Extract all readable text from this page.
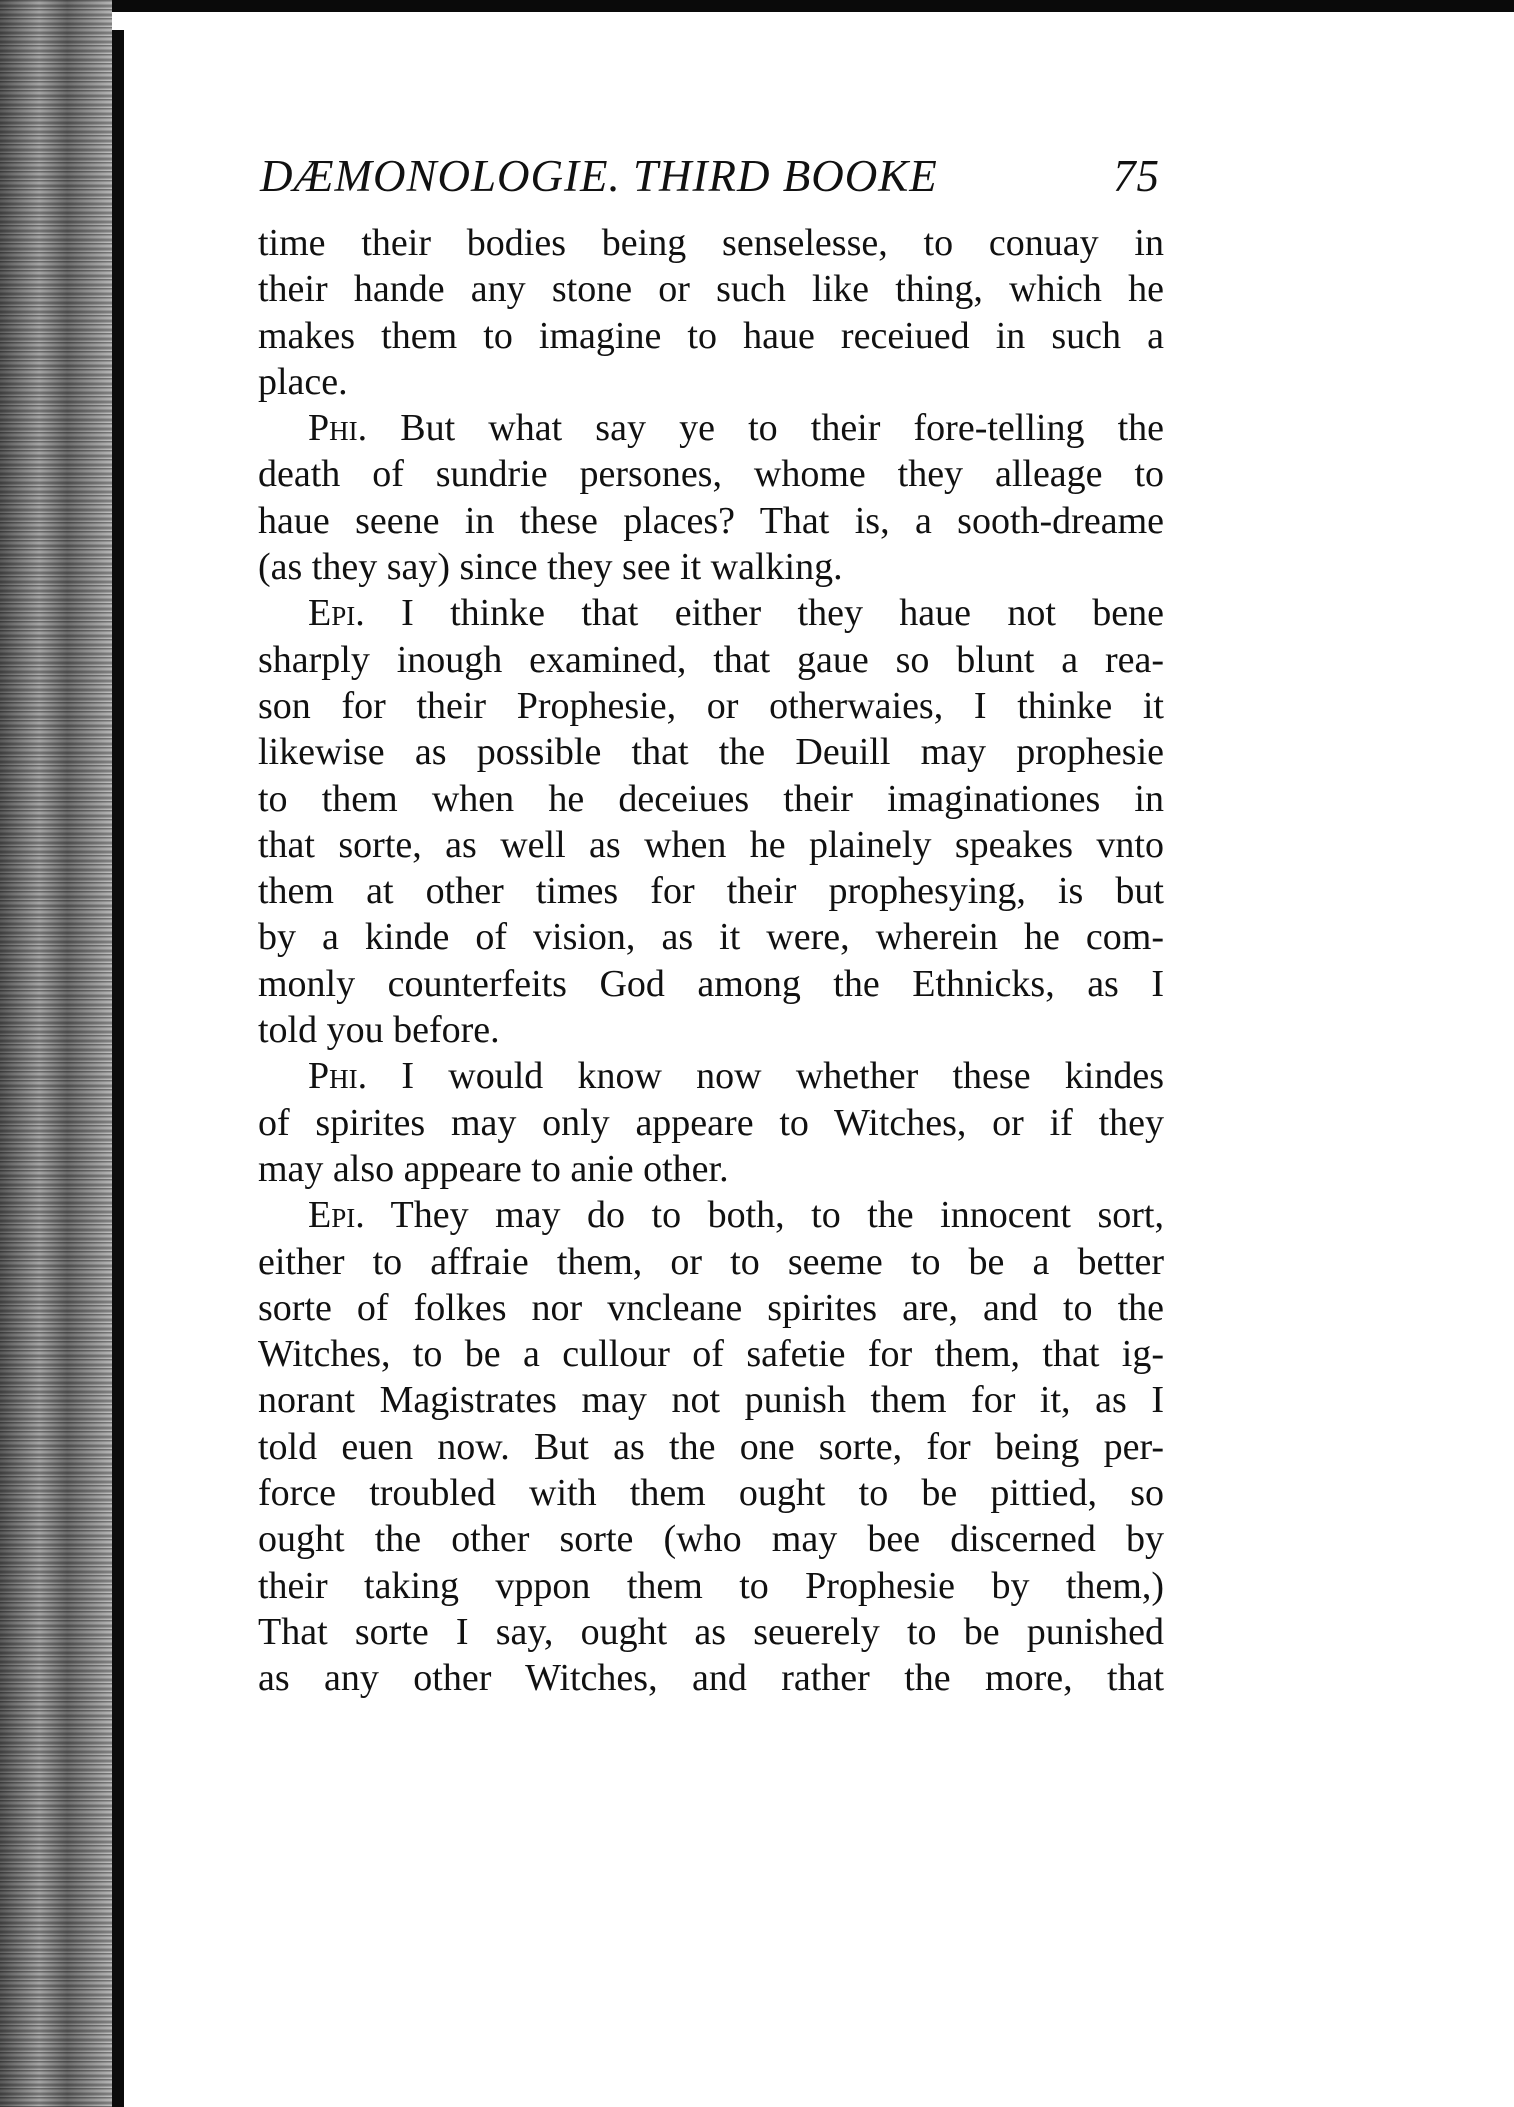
DÆMONOLOGIE. THIRD BOOKE	75
time their bodies being senselesse, to conuay in
their hande any stone or such like thing, which he
makes them to imagine to haue receiued in such a
place.
Phi. But what say ye to their fore-telling the
death of sundrie persones, whome they alleage to
haue seene in these places? That is, a sooth-dreame
(as they say) since they see it walking.
Epi. I thinke that either they haue not bene
sharply inough examined, that gaue so blunt a rea-
son for their Prophesie, or otherwaies, I thinke it
likewise as possible that the Deuill may prophesie
to them when he deceiues their imaginationes in
that sorte, as well as when he plainely speakes vnto
them at other times for their prophesying, is but
by a kinde of vision, as it were, wherein he com-
monly counterfeits God among the Ethnicks, as I
told you before.
Phi. I would know now whether these kindes
of spirites may only appeare to Witches, or if they
may also appeare to anie other.
Epi. They may do to both, to the innocent sort,
either to affraie them, or to seeme to be a better
sorte of folkes nor vncleane spirites are, and to the
Witches, to be a cullour of safetie for them, that ig-
norant Magistrates may not punish them for it, as I
told euen now. But as the one sorte, for being per-
force troubled with them ought to be pittied, so
ought the other sorte (who may bee discerned by
their taking vppon them to Prophesie by them,)
That sorte I say, ought as seuerely to be punished
as any other Witches, and rather the more, that
